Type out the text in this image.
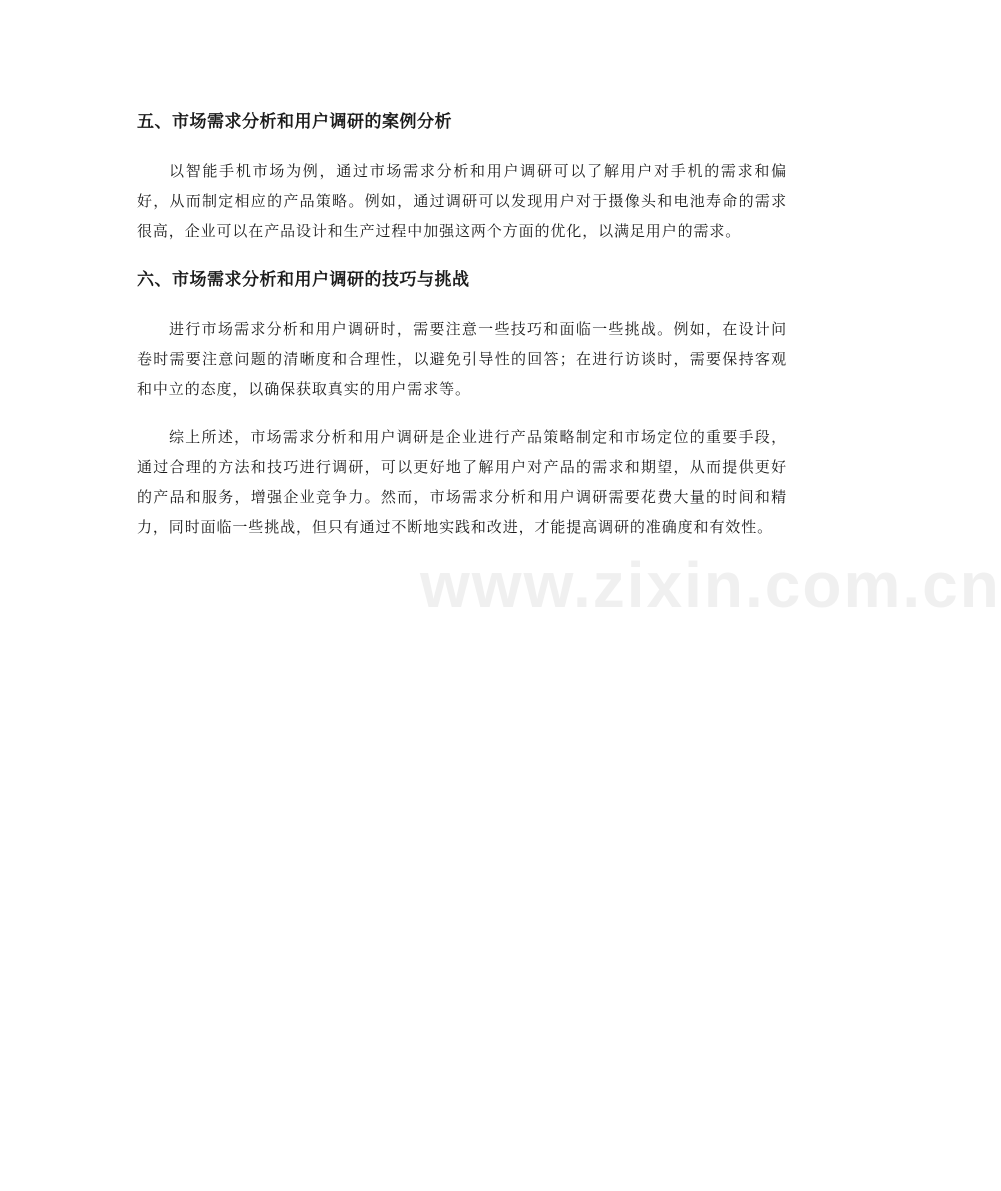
五、市场需求分析和用户调研的案例分析

以智能手机市场为例，通过市场需求分析和用户调研可以了解用户对手机的需求和偏好，从而制定相应的产品策略。例如，通过调研可以发现用户对于摄像头和电池寿命的需求很高，企业可以在产品设计和生产过程中加强这两个方面的优化，以满足用户的需求。

六、市场需求分析和用户调研的技巧与挑战

进行市场需求分析和用户调研时，需要注意一些技巧和面临一些挑战。例如，在设计问卷时需要注意问题的清晰度和合理性，以避免引导性的回答；在进行访谈时，需要保持客观和中立的态度，以确保获取真实的用户需求等。

综上所述，市场需求分析和用户调研是企业进行产品策略制定和市场定位的重要手段，通过合理的方法和技巧进行调研，可以更好地了解用户对产品的需求和期望，从而提供更好的产品和服务，增强企业竞争力。然而，市场需求分析和用户调研需要花费大量的时间和精力，同时面临一些挑战，但只有通过不断地实践和改进，才能提高调研的准确度和有效性。

www.zixin.com.cn
